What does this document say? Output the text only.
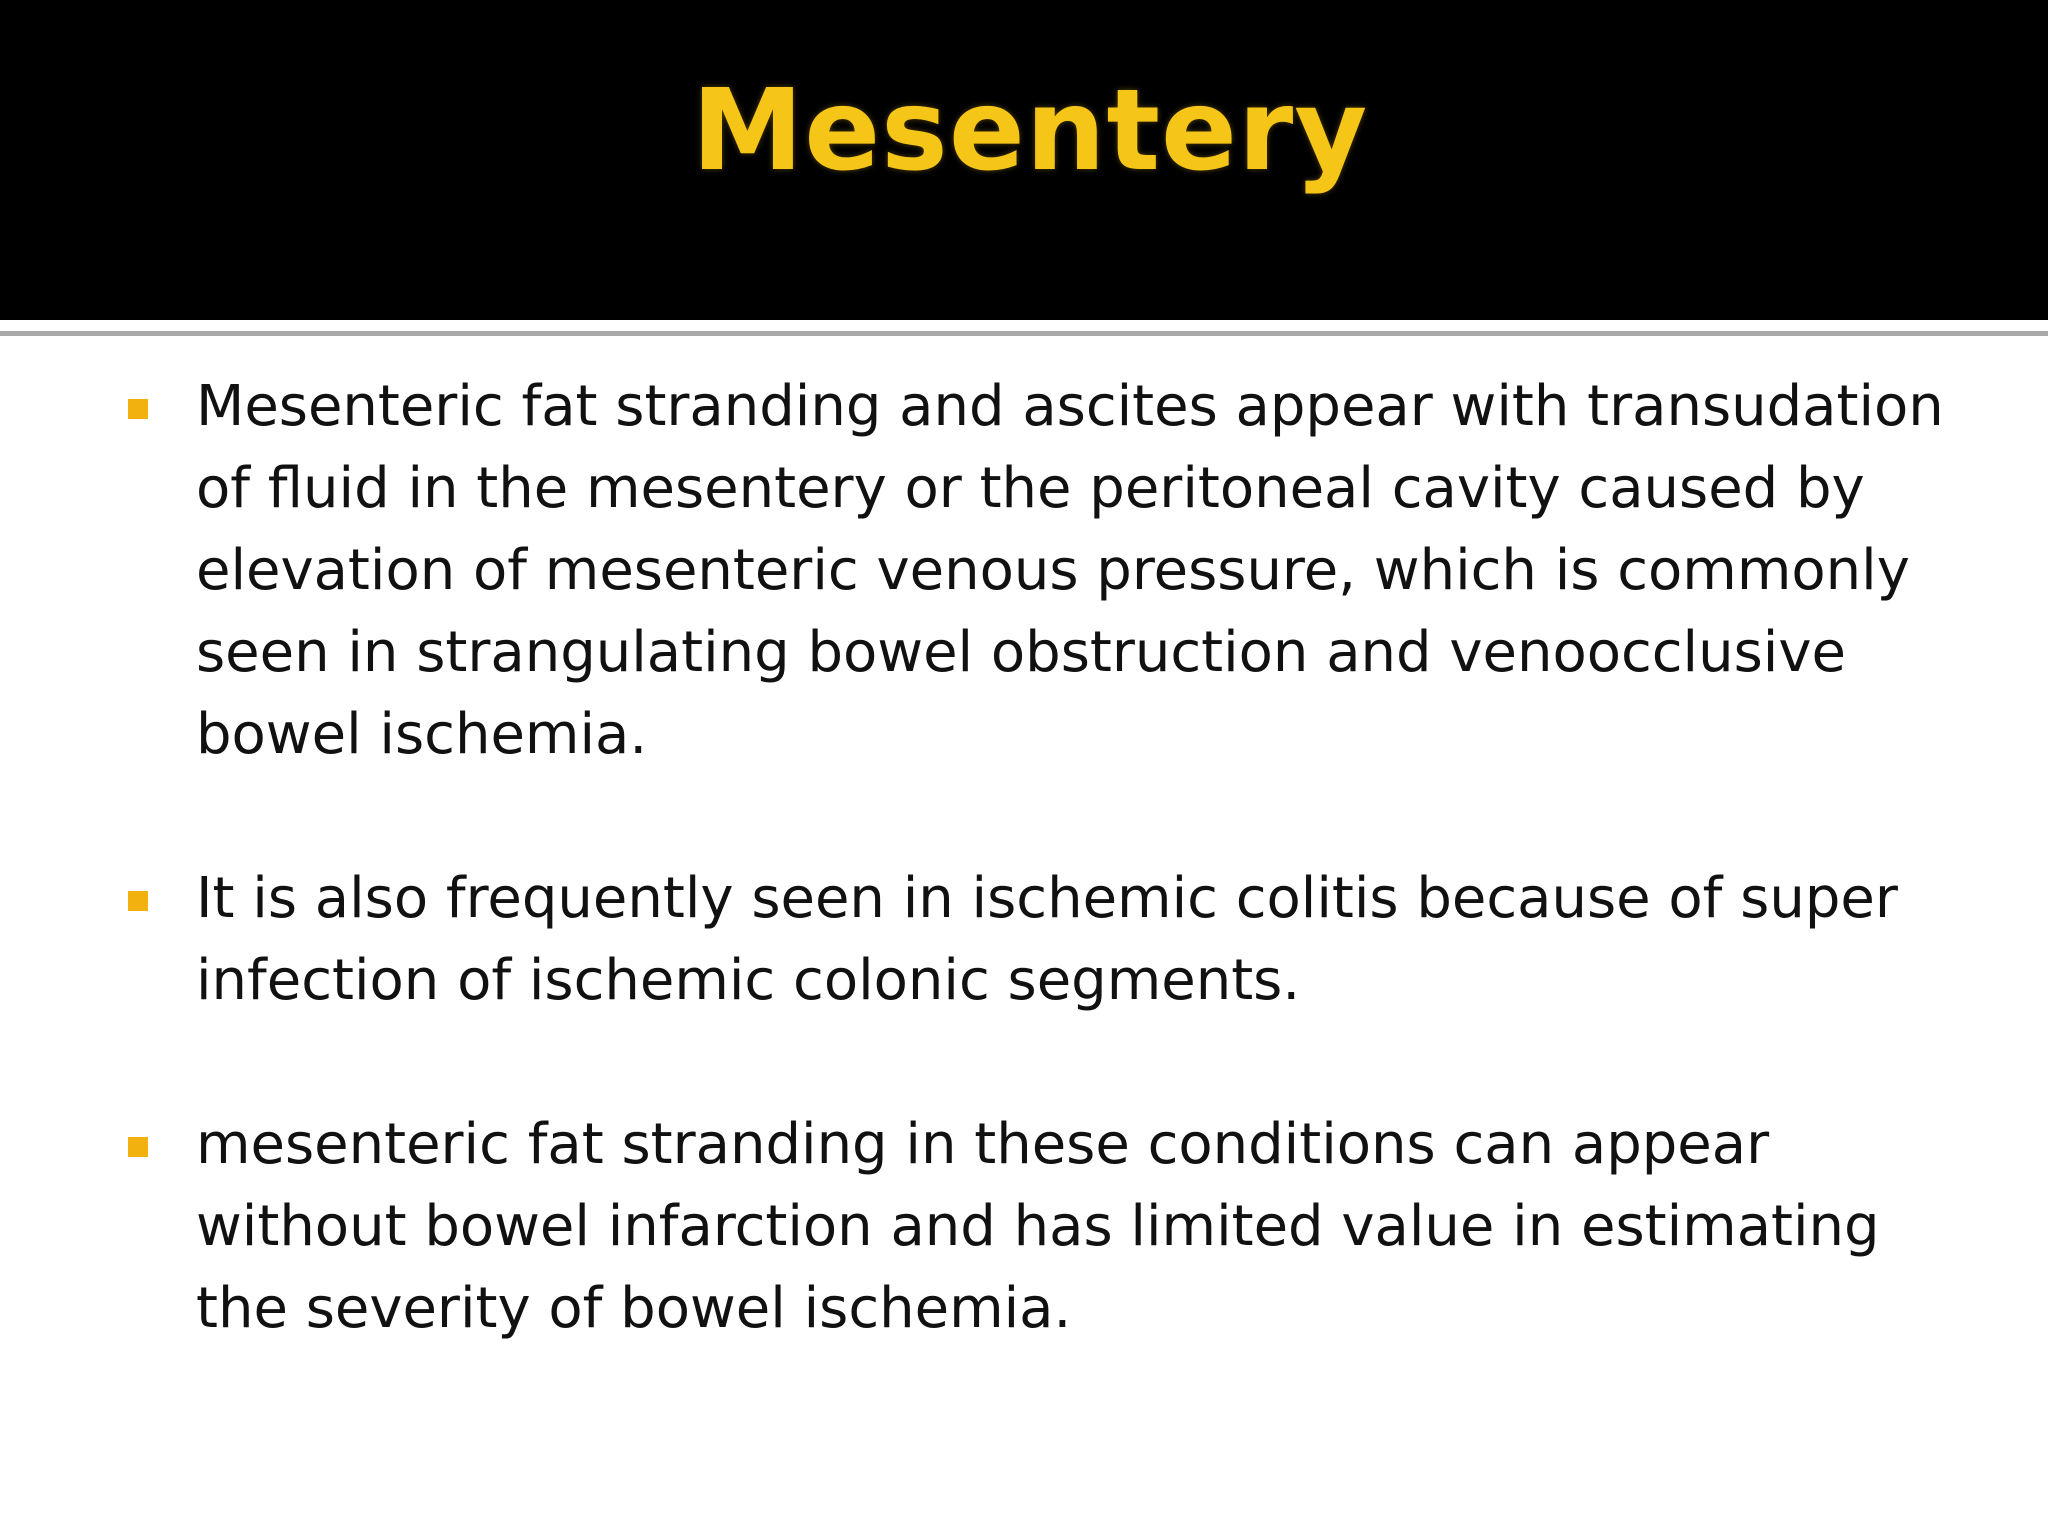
Mesentery

Mesenteric fat stranding and ascites appear with transudation
of fluid in the mesentery or the peritoneal cavity caused by
elevation of mesenteric venous pressure, which is commonly
seen in strangulating bowel obstruction and venoocclusive
bowel ischemia.

It is also frequently seen in ischemic colitis because of super
infection of ischemic colonic segments.

mesenteric fat stranding in these conditions can appear
without bowel infarction and has limited value in estimating
the severity of bowel ischemia.
